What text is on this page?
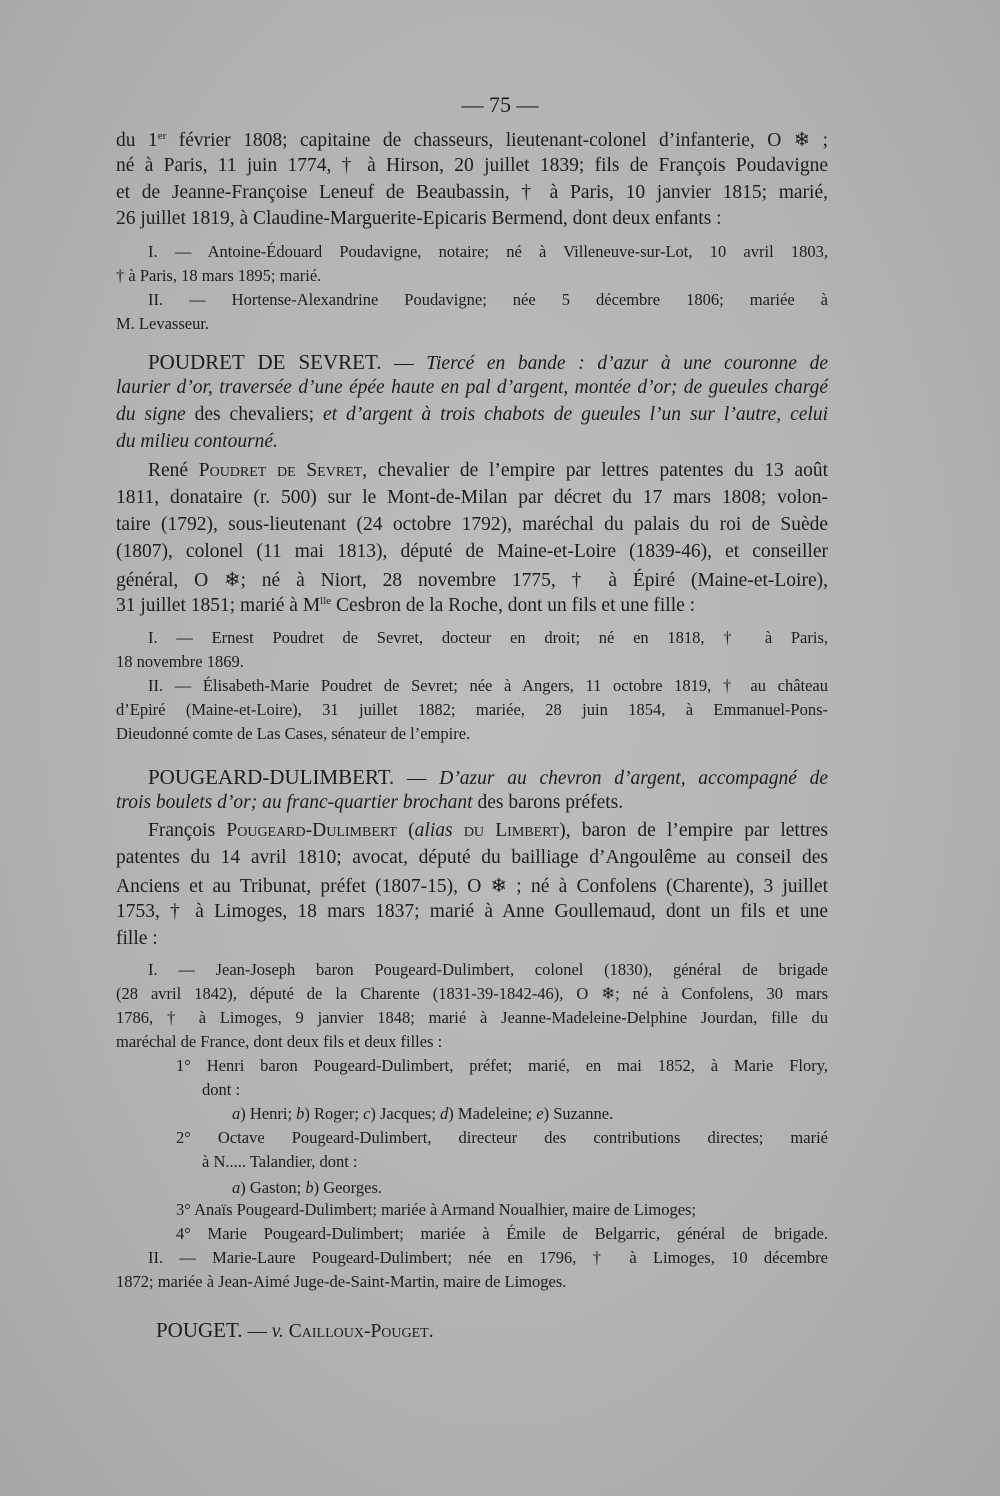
— 75 —
du 1er février 1808; capitaine de chasseurs, lieutenant-colonel d’infanterie, O ❄ ;
né à Paris, 11 juin 1774, † à Hirson, 20 juillet 1839; fils de François Poudavigne
et de Jeanne-Françoise Leneuf de Beaubassin, † à Paris, 10 janvier 1815; marié,
26 juillet 1819, à Claudine-Marguerite-Epicaris Bermend, dont deux enfants :
I. — Antoine-Édouard Poudavigne, notaire; né à Villeneuve-sur-Lot, 10 avril 1803,
† à Paris, 18 mars 1895; marié.
II. — Hortense-Alexandrine Poudavigne; née 5 décembre 1806; mariée à
M. Levasseur.
POUDRET DE SEVRET. — Tiercé en bande : d’azur à une couronne de
laurier d’or, traversée d’une épée haute en pal d’argent, montée d’or; de gueules chargé
du signe des chevaliers; et d’argent à trois chabots de gueules l’un sur l’autre, celui
du milieu contourné.
René Poudret de Sevret, chevalier de l’empire par lettres patentes du 13 août
1811, donataire (r. 500) sur le Mont-de-Milan par décret du 17 mars 1808; volon-
taire (1792), sous-lieutenant (24 octobre 1792), maréchal du palais du roi de Suède
(1807), colonel (11 mai 1813), député de Maine-et-Loire (1839-46), et conseiller
général, O ❄; né à Niort, 28 novembre 1775, † à Épiré (Maine-et-Loire),
31 juillet 1851; marié à $M^{lle}$ Cesbron de la Roche, dont un fils et une fille :
I. — Ernest Poudret de Sevret, docteur en droit; né en 1818, † à Paris,
18 novembre 1869.
II. — Élisabeth-Marie Poudret de Sevret; née à Angers, 11 octobre 1819, † au château
d’Epiré (Maine-et-Loire), 31 juillet 1882; mariée, 28 juin 1854, à Emmanuel-Pons-
Dieudonné comte de Las Cases, sénateur de l’empire.
POUGEARD-DULIMBERT. — D’azur au chevron d’argent, accompagné de
trois boulets d’or; au franc-quartier brochant des barons préfets.
François Pougeard-Dulimbert (alias du Limbert), baron de l’empire par lettres
patentes du 14 avril 1810; avocat, député du bailliage d’Angoulême au conseil des
Anciens et au Tribunat, préfet (1807-15), O ❄ ; né à Confolens (Charente), 3 juillet
1753, † à Limoges, 18 mars 1837; marié à Anne Goullemaud, dont un fils et une
fille :
I. — Jean-Joseph baron Pougeard-Dulimbert, colonel (1830), général de brigade
(28 avril 1842), député de la Charente (1831-39-1842-46), O ❄; né à Confolens, 30 mars
1786, † à Limoges, 9 janvier 1848; marié à Jeanne-Madeleine-Delphine Jourdan, fille du
maréchal de France, dont deux fils et deux filles :
1° Henri baron Pougeard-Dulimbert, préfet; marié, en mai 1852, à Marie Flory,
dont :
a) Henri; b) Roger; c) Jacques; d) Madeleine; e) Suzanne.
2° Octave Pougeard-Dulimbert, directeur des contributions directes; marié
à N..... Talandier, dont :
a) Gaston; b) Georges.
3° Anaïs Pougeard-Dulimbert; mariée à Armand Noualhier, maire de Limoges;
4° Marie Pougeard-Dulimbert; mariée à Émile de Belgarric, général de brigade.
II. — Marie-Laure Pougeard-Dulimbert; née en 1796, † à Limoges, 10 décembre
1872; mariée à Jean-Aimé Juge-de-Saint-Martin, maire de Limoges.
POUGET. — v. Cailloux-Pouget.
